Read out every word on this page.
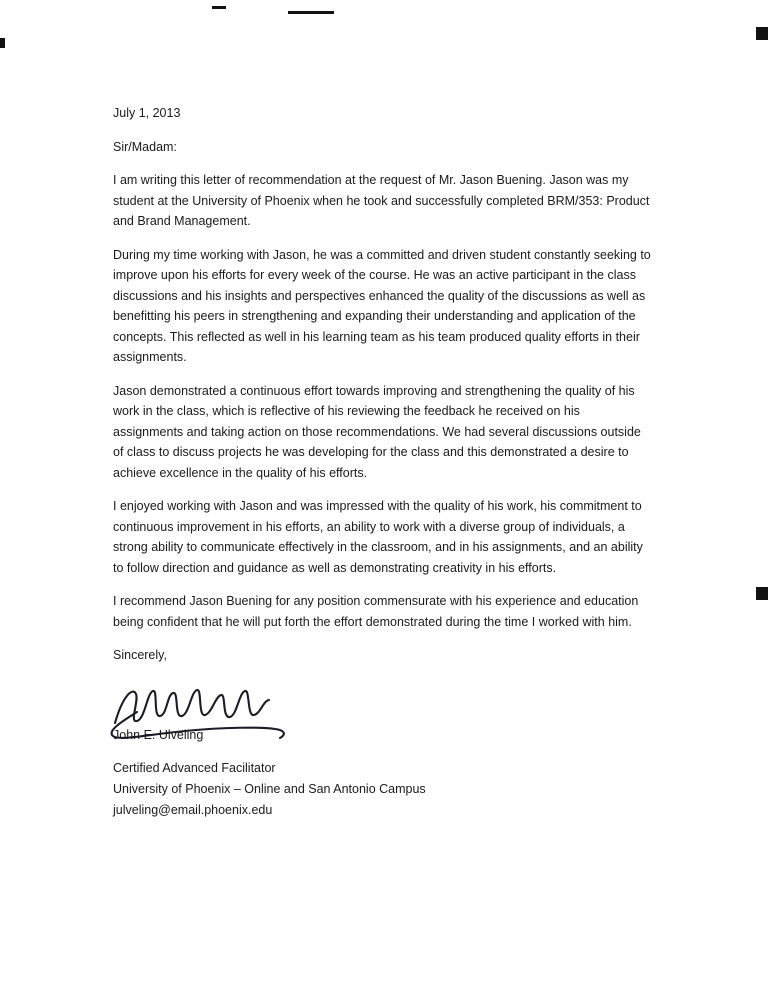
July 1, 2013

Sir/Madam:

I am writing this letter of recommendation at the request of Mr. Jason Buening. Jason was my student at the University of Phoenix when he took and successfully completed BRM/353: Product and Brand Management.

During my time working with Jason, he was a committed and driven student constantly seeking to improve upon his efforts for every week of the course. He was an active participant in the class discussions and his insights and perspectives enhanced the quality of the discussions as well as benefitting his peers in strengthening and expanding their understanding and application of the concepts. This reflected as well in his learning team as his team produced quality efforts in their assignments.

Jason demonstrated a continuous effort towards improving and strengthening the quality of his work in the class, which is reflective of his reviewing the feedback he received on his assignments and taking action on those recommendations. We had several discussions outside of class to discuss projects he was developing for the class and this demonstrated a desire to achieve excellence in the quality of his efforts.

I enjoyed working with Jason and was impressed with the quality of his work, his commitment to continuous improvement in his efforts, an ability to work with a diverse group of individuals, a strong ability to communicate effectively in the classroom, and in his assignments, and an ability to follow direction and guidance as well as demonstrating creativity in his efforts.

I recommend Jason Buening for any position commensurate with his experience and education being confident that he will put forth the effort demonstrated during the time I worked with him.

Sincerely,

John E. Ulveling

Certified Advanced Facilitator

University of Phoenix – Online and San Antonio Campus

julveling@email.phoenix.edu
